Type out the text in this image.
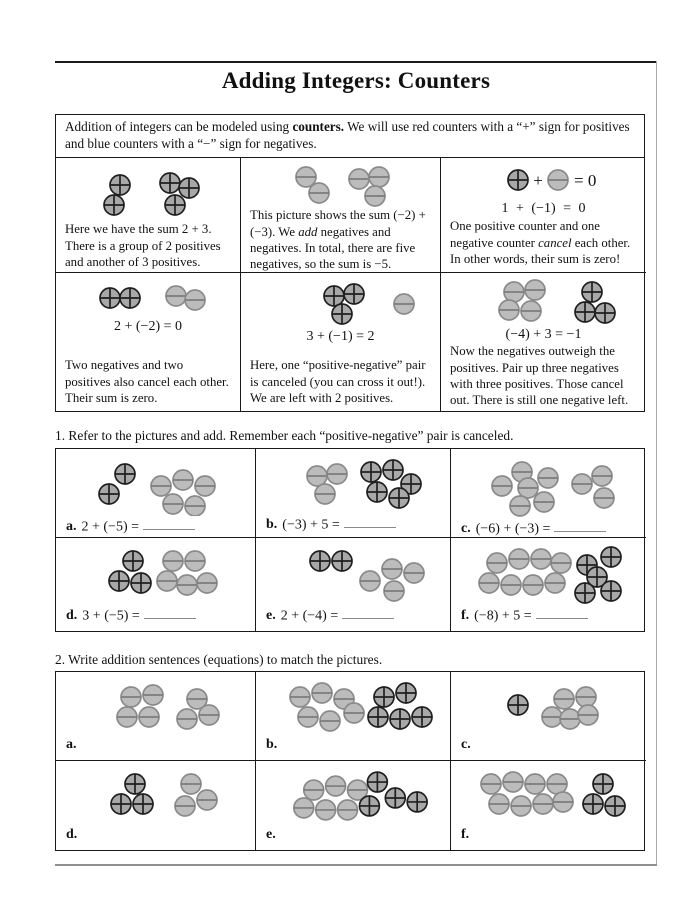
Adding Integers: Counters
Addition of integers can be modeled using counters. We will use red counters with a “+” sign for positives and blue counters with a “−” sign for negatives.

Here we have the sum 2 + 3. There is a group of 2 positives and another of 3 positives.

This picture shows the sum (−2) + (−3). We add negatives and negatives. In total, there are five negatives, so the sum is −5.

+ = 0
1 + (−1) = 0

One positive counter and one negative counter cancel each other. In other words, their sum is zero!

2 + (−2) = 0

Two negatives and two positives also cancel each other. Their sum is zero.

3 + (−1) = 2

Here, one “positive-negative” pair is canceled (you can cross it out!). We are left with 2 positives.

(−4) + 3 = −1

Now the negatives outweigh the positives. Pair up three negatives with three positives. Those cancel out. There is still one negative left.

1. Refer to the pictures and add. Remember each “positive-negative” pair is canceled.
a. 2 + (−5) =	b. (−3) + 5 =	c. (−6) + (−3) =
d. 3 + (−5) =	e. 2 + (−4) =	f. (−8) + 5 =
2. Write addition sentences (equations) to match the pictures.
a.	b.	c.
d.	e.	f.
